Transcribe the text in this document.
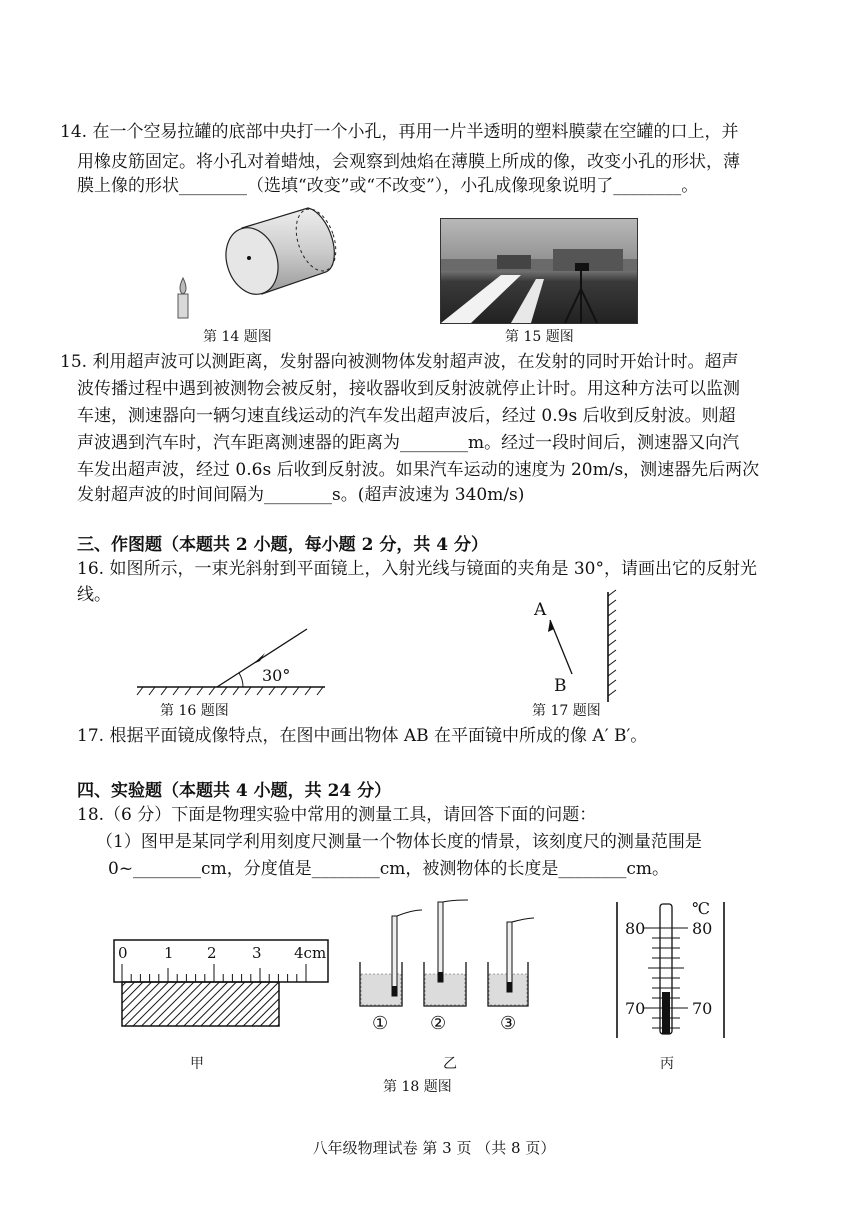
14. 在一个空易拉罐的底部中央打一个小孔，再用一片半透明的塑料膜蒙在空罐的口上，并
用橡皮筋固定。将小孔对着蜡烛，会观察到烛焰在薄膜上所成的像，改变小孔的形状，薄
膜上像的形状________（选填“改变”或“不改变”），小孔成像现象说明了________。
第 14 题图	第 15 题图
15. 利用超声波可以测距离，发射器向被测物体发射超声波，在发射的同时开始计时。超声
波传播过程中遇到被测物会被反射，接收器收到反射波就停止计时。用这种方法可以监测
车速，测速器向一辆匀速直线运动的汽车发出超声波后，经过 0.9s 后收到反射波。则超
声波遇到汽车时，汽车距离测速器的距离为________m。经过一段时间后，测速器又向汽
车发出超声波，经过 0.6s 后收到反射波。如果汽车运动的速度为 20m/s，测速器先后两次
发射超声波的时间间隔为________s。(超声波速为 340m/s)
三、作图题（本题共 2 小题，每小题 2 分，共 4 分）
16. 如图所示，一束光斜射到平面镜上，入射光线与镜面的夹角是 30°，请画出它的反射光
线。
30°
第 16 题图
A
B
第 17 题图
17. 根据平面镜成像特点，在图中画出物体 AB 在平面镜中所成的像 A′ B′。
四、实验题（本题共 4 小题，共 24 分）
18.（6 分）下面是物理实验中常用的测量工具，请回答下面的问题：
（1）图甲是某同学利用刻度尺测量一个物体长度的情景，该刻度尺的测量范围是
0~________cm，分度值是________cm，被测物体的长度是________cm。
0 1 2 3 4cm
① ②	③
℃
80	80
70	70
甲	乙	丙
第 18 题图
八年级物理试卷 第 3 页 （共 8 页）
